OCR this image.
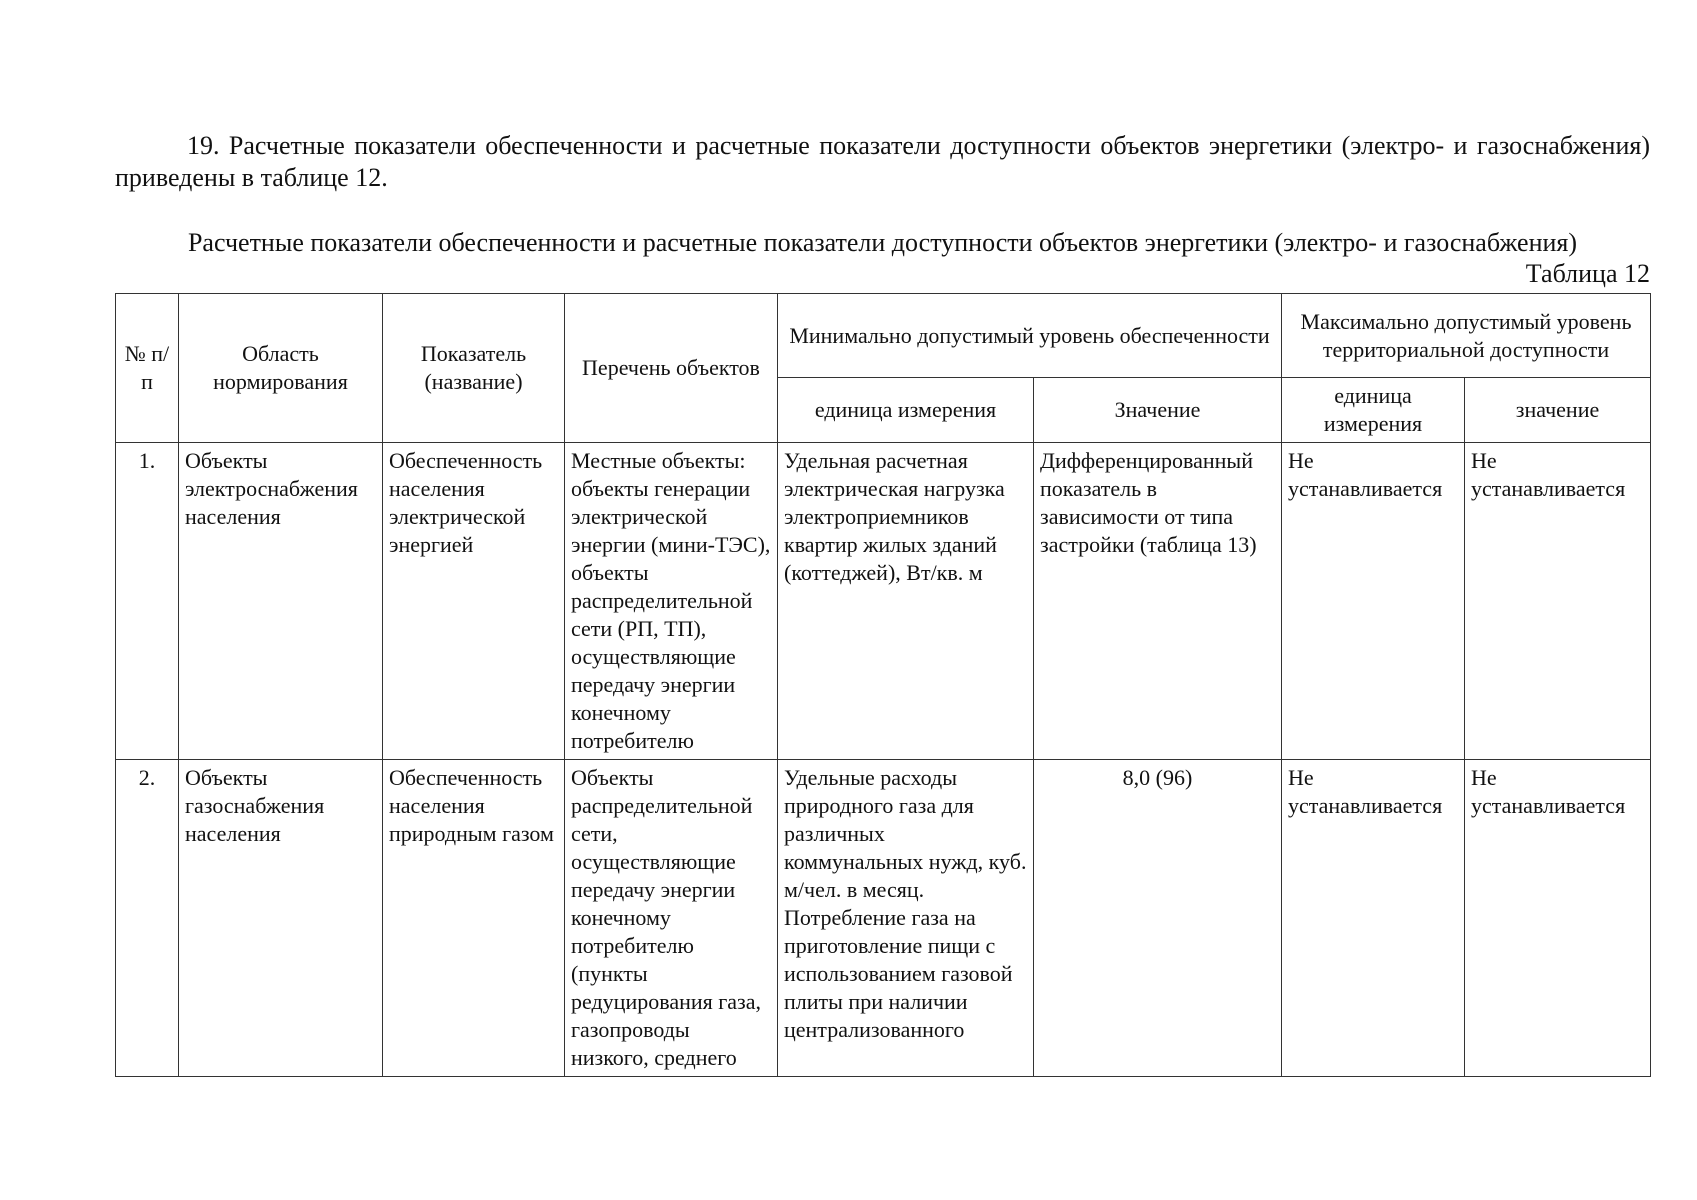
19. Расчетные показатели обеспеченности и расчетные показатели доступности объектов энергетики (электро- и газоснабжения) приведены в таблице 12.

Расчетные показатели обеспеченности и расчетные показатели доступности объектов энергетики (электро- и газоснабжения)

Таблица 12

№ п/п	Область нормирования	Показатель (название)	Перечень объектов	Минимально допустимый уровень обеспеченности		Максимально допустимый уровень территориальной доступности	
				единица измерения	Значение	единица измерения	значение
1.	Объекты электроснабжения населения	Обеспеченность населения электрической энергией	Местные объекты: объекты генерации электрической энергии (мини-ТЭС), объекты распределительной сети (РП, ТП), осуществляющие передачу энергии конечному потребителю	Удельная расчетная электрическая нагрузка электроприемников квартир жилых зданий (коттеджей), Вт/кв. м	Дифференцированный показатель в зависимости от типа застройки (таблица 13)	Не устанавливается	Не устанавливается
2.	Объекты газоснабжения населения	Обеспеченность населения природным газом	Объекты распределительной сети, осуществляющие передачу энергии конечному потребителю (пункты редуцирования газа, газопроводы низкого, среднего	Удельные расходы природного газа для различных коммунальных нужд, куб. м/чел. в месяц. Потребление газа на приготовление пищи с использованием газовой плиты при наличии централизованного	8,0 (96)	Не устанавливается	Не устанавливается
